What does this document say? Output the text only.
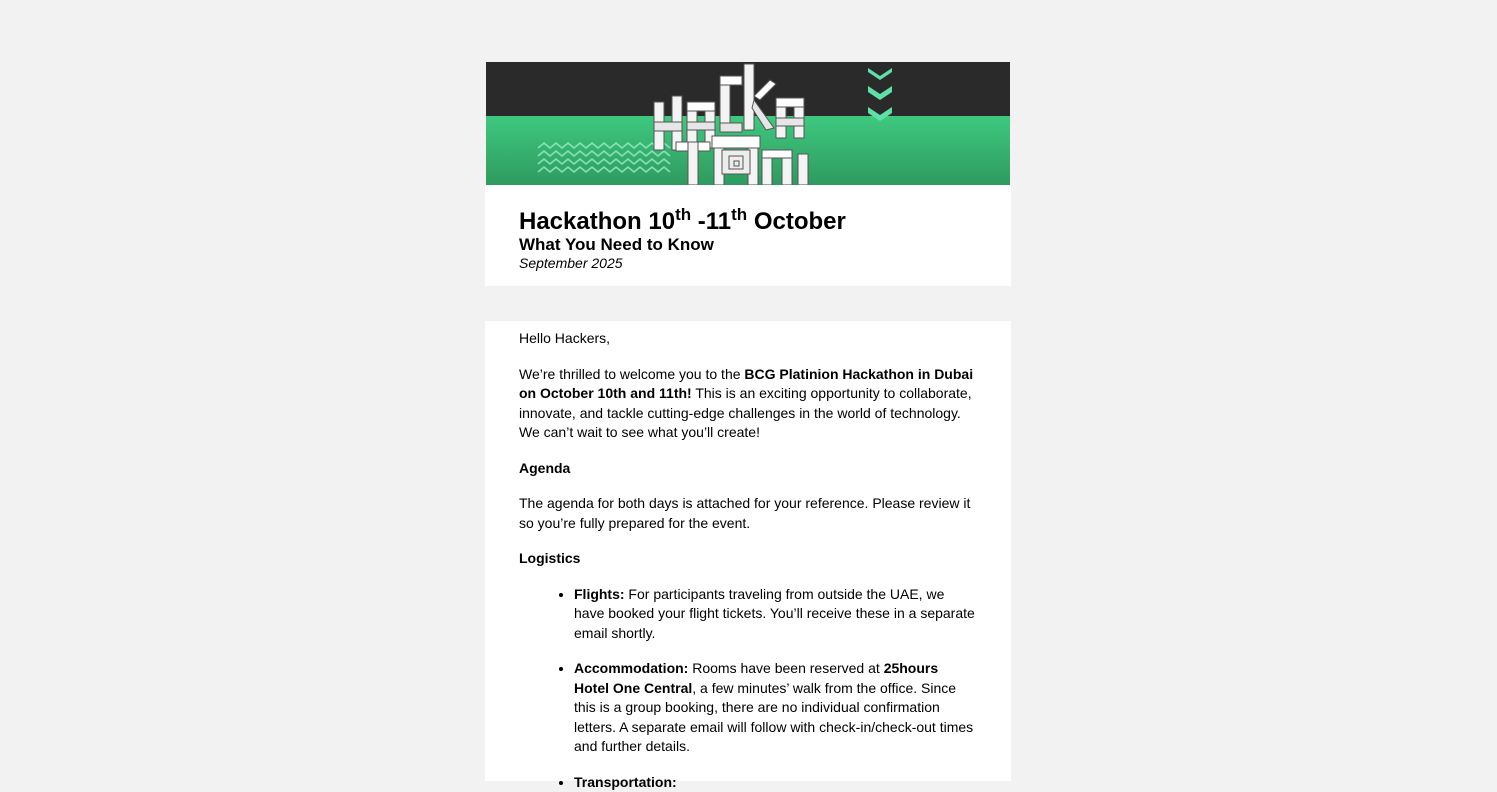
Hackathon 10th -11th October
What You Need to Know
September 2025

Hello Hackers,

We’re thrilled to welcome you to the BCG Platinion Hackathon in Dubai on October 10th and 11th! This is an exciting opportunity to collaborate, innovate, and tackle cutting-edge challenges in the world of technology. We can’t wait to see what you’ll create!

Agenda

The agenda for both days is attached for your reference. Please review it so you’re fully prepared for the event.

Logistics
• Flights: For participants traveling from outside the UAE, we have booked your flight tickets. You’ll receive these in a separate email shortly.
• Accommodation: Rooms have been reserved at 25hours Hotel One Central, a few minutes’ walk from the office. Since this is a group booking, there are no individual confirmation letters. A separate email will follow with check-in/check-out times and further details.
• Transportation:
